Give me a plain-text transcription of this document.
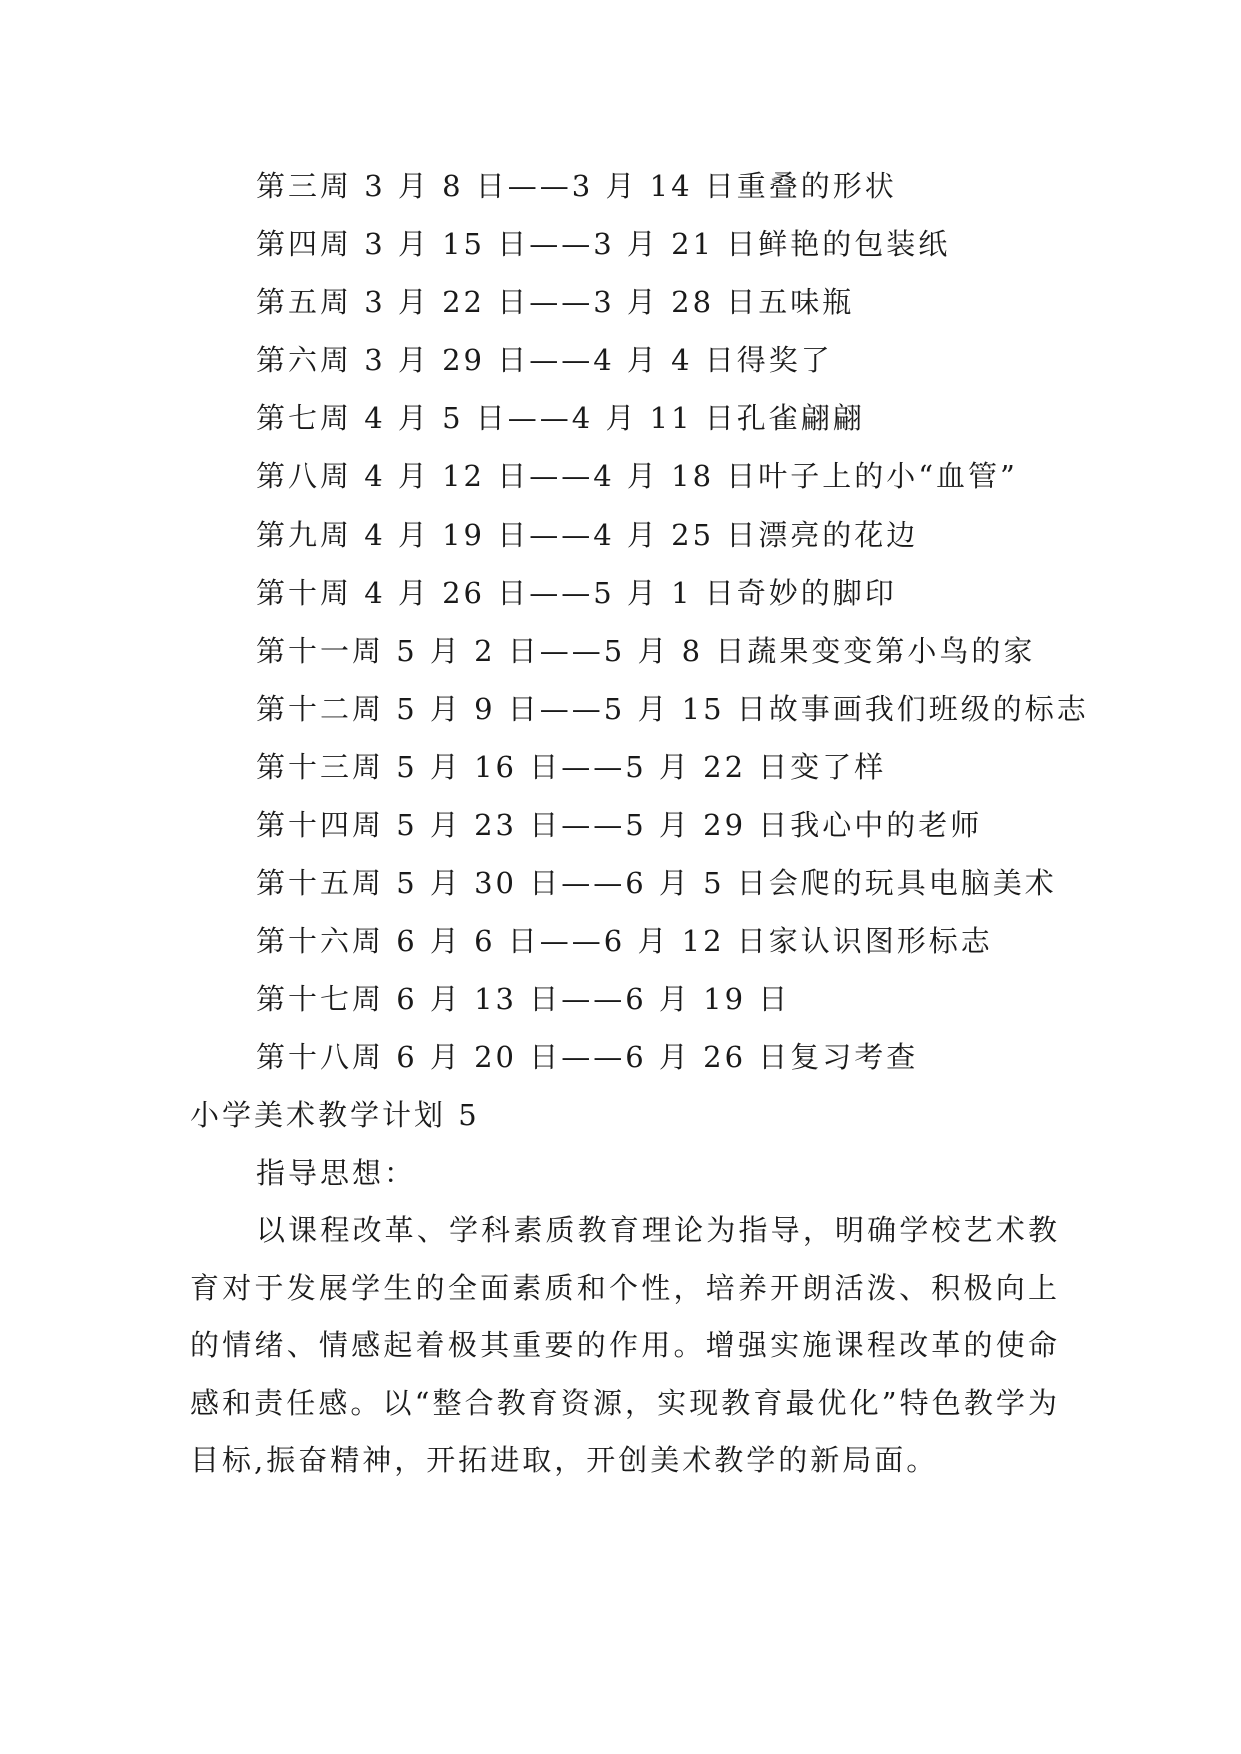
第三周 3 月 8 日——3 月 14 日重叠的形状
第四周 3 月 15 日——3 月 21 日鲜艳的包装纸
第五周 3 月 22 日——3 月 28 日五味瓶
第六周 3 月 29 日——4 月 4 日得奖了
第七周 4 月 5 日——4 月 11 日孔雀翩翩
第八周 4 月 12 日——4 月 18 日叶子上的小“血管”
第九周 4 月 19 日——4 月 25 日漂亮的花边
第十周 4 月 26 日——5 月 1 日奇妙的脚印
第十一周 5 月 2 日——5 月 8 日蔬果变变第小鸟的家
第十二周 5 月 9 日——5 月 15 日故事画我们班级的标志
第十三周 5 月 16 日——5 月 22 日变了样
第十四周 5 月 23 日——5 月 29 日我心中的老师
第十五周 5 月 30 日——6 月 5 日会爬的玩具电脑美术
第十六周 6 月 6 日——6 月 12 日家认识图形标志
第十七周 6 月 13 日——6 月 19 日
第十八周 6 月 20 日——6 月 26 日复习考查
小学美术教学计划 5
指导思想：

以课程改革、学科素质教育理论为指导，明确学校艺术教育对于发展学生的全面素质和个性，培养开朗活泼、积极向上的情绪、情感起着极其重要的作用。增强实施课程改革的使命感和责任感。以“整合教育资源，实现教育最优化”特色教学为目标,振奋精神，开拓进取，开创美术教学的新局面。
